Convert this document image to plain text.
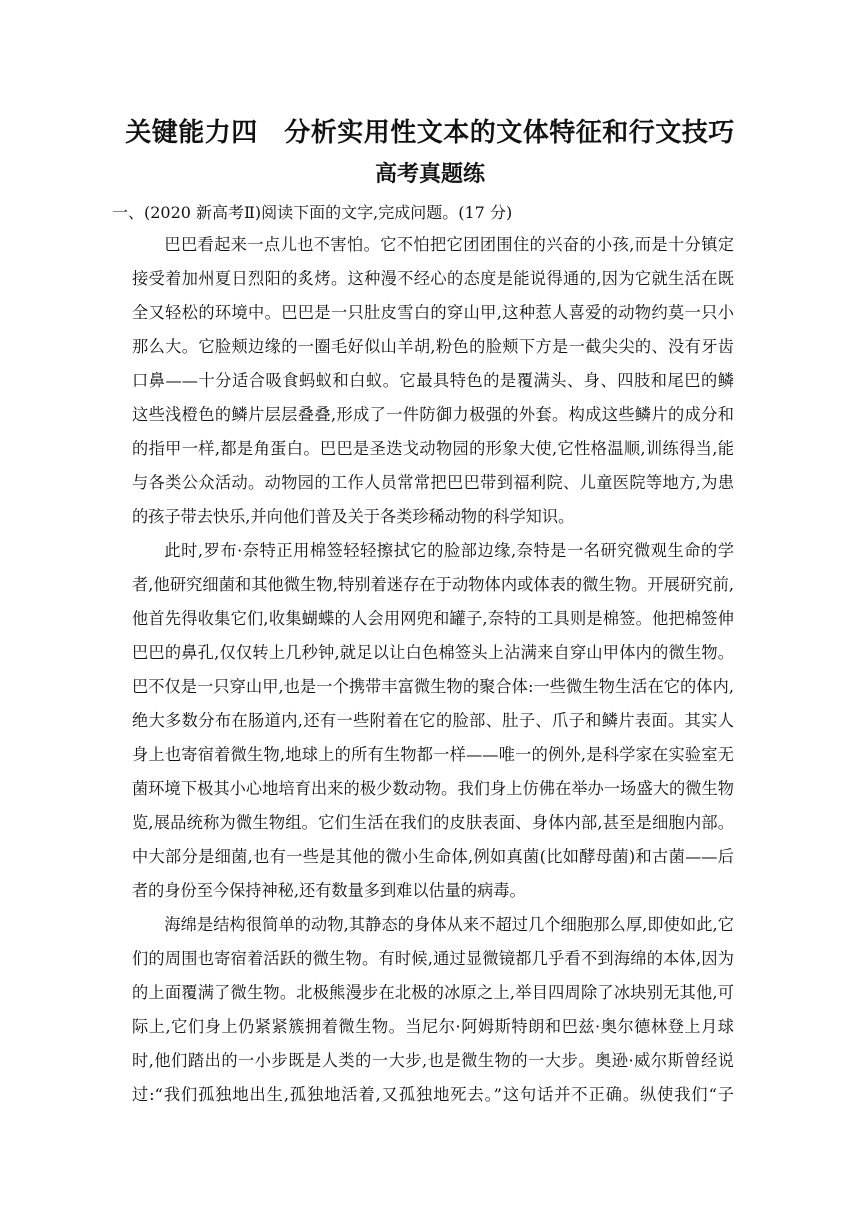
关键能力四　分析实用性文本的文体特征和行文技巧
高考真题练
一、(2020 新高考Ⅱ)阅读下面的文字,完成问题。(17 分)

巴巴看起来一点儿也不害怕。它不怕把它团团围住的兴奋的小孩,而是十分镇定
接受着加州夏日烈阳的炙烤。这种漫不经心的态度是能说得通的,因为它就生活在既
全又轻松的环境中。巴巴是一只肚皮雪白的穿山甲,这种惹人喜爱的动物约莫一只小
那么大。它脸颊边缘的一圈毛好似山羊胡,粉色的脸颊下方是一截尖尖的、没有牙齿
口鼻——十分适合吸食蚂蚁和白蚁。它最具特色的是覆满头、身、四肢和尾巴的鳞
这些浅橙色的鳞片层层叠叠,形成了一件防御力极强的外套。构成这些鳞片的成分和
的指甲一样,都是角蛋白。巴巴是圣迭戈动物园的形象大使,它性格温顺,训练得当,能
与各类公众活动。动物园的工作人员常常把巴巴带到福利院、儿童医院等地方,为患
的孩子带去快乐,并向他们普及关于各类珍稀动物的科学知识。

此时,罗布·奈特正用棉签轻轻擦拭它的脸部边缘,奈特是一名研究微观生命的学
者,他研究细菌和其他微生物,特别着迷存在于动物体内或体表的微生物。开展研究前,
他首先得收集它们,收集蝴蝶的人会用网兜和罐子,奈特的工具则是棉签。他把棉签伸
巴巴的鼻孔,仅仅转上几秒钟,就足以让白色棉签头上沾满来自穿山甲体内的微生物。
巴不仅是一只穿山甲,也是一个携带丰富微生物的聚合体:一些微生物生活在它的体内,
绝大多数分布在肠道内,还有一些附着在它的脸部、肚子、爪子和鳞片表面。其实人
身上也寄宿着微生物,地球上的所有生物都一样——唯一的例外,是科学家在实验室无
菌环境下极其小心地培育出来的极少数动物。我们身上仿佛在举办一场盛大的微生物
览,展品统称为微生物组。它们生活在我们的皮肤表面、身体内部,甚至是细胞内部。
中大部分是细菌,也有一些是其他的微小生命体,例如真菌(比如酵母菌)和古菌——后
者的身份至今保持神秘,还有数量多到难以估量的病毒。

海绵是结构很简单的动物,其静态的身体从来不超过几个细胞那么厚,即使如此,它
们的周围也寄宿着活跃的微生物。有时候,通过显微镜都几乎看不到海绵的本体,因为
的上面覆满了微生物。北极熊漫步在北极的冰原之上,举目四周除了冰块别无其他,可
际上,它们身上仍紧紧簇拥着微生物。当尼尔·阿姆斯特朗和巴兹·奥尔德林登上月球
时,他们踏出的一小步既是人类的一大步,也是微生物的一大步。奥逊·威尔斯曾经说
过:“我们孤独地出生,孤独地活着,又孤独地死去。”这句话并不正确。纵使我们“子
